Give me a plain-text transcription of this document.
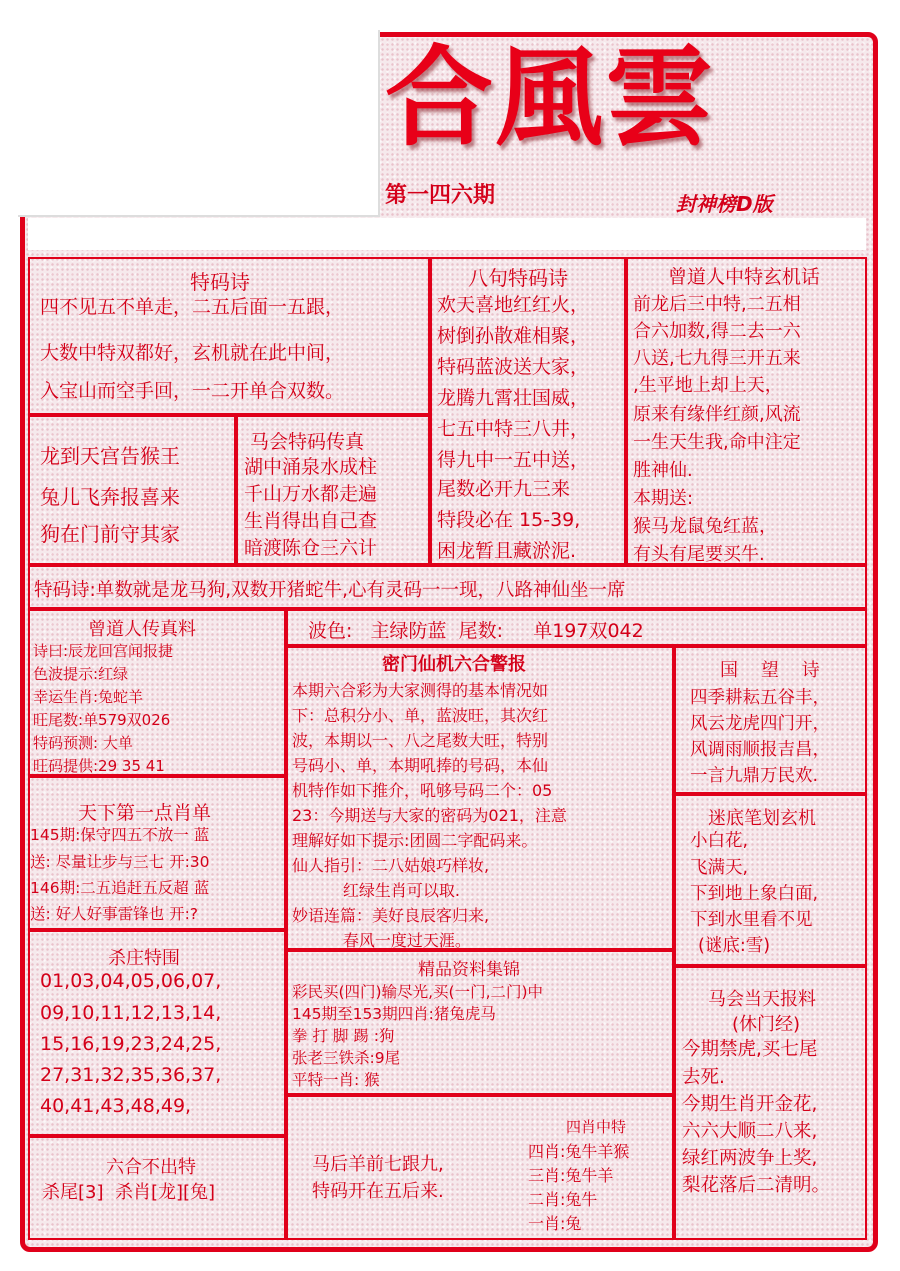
合風雲
第一四六期	封神榜D版
特码诗
四不见五不单走，二五后面一五跟，
大数中特双都好，玄机就在此中间，
入宝山而空手回，一二开单合双数。
八句特码诗
欢天喜地红红火，
树倒孙散难相聚，
特码蓝波送大家，
龙腾九霄壮国威，
七五中特三八井，
得九中一五中送，
尾数必开九三来
特段必在 15-39,
困龙暂且藏淤泥.
曾道人中特玄机话
前龙后三中特,二五相
合六加数,得二去一六
八送,七九得三开五来
,生平地上却上天，
原来有缘伴红颜,风流
一生天生我,命中注定
胜神仙.
本期送:
猴马龙鼠兔红蓝，
有头有尾要买牛.
龙到天宫告猴王
兔儿飞奔报喜来
狗在门前守其家
马会特码传真
湖中涌泉水成柱
千山万水都走遍
生肖得出自己查
暗渡陈仓三六计
特码诗:单数就是龙马狗,双数开猪蛇牛,心有灵码一一现，八路神仙坐一席
曾道人传真料
诗曰:辰龙回宫闻报捷
色波提示:红绿
幸运生肖:兔蛇羊
旺尾数:单579双026
特码预测: 大单
旺码提供:29 35 41
波色:   主绿防蓝  尾数:     单197双042
密门仙机六合警报
本期六合彩为大家测得的基本情况如
下：总积分小、单，蓝波旺，其次红
波，本期以一、八之尾数大旺，特别
号码小、单，本期吼捧的号码，本仙
机特作如下推介，吼够号码二个：05
23：今期送与大家的密码为021，注意
理解好如下提示:团圆二字配码来。
仙人指引：二八姑娘巧样妆,
红绿生肖可以取.
妙语连篇：美好良辰客归来,
春风一度过天涯。
国    望    诗
四季耕耘五谷丰，
风云龙虎四门开，
风调雨顺报吉昌，
一言九鼎万民欢.
天下第一点肖单
145期:保守四五不放一 蓝
送: 尽量让步与三七 开:30
146期:二五追赶五反超 蓝
送: 好人好事雷锋也 开:?
迷底笔划玄机
小白花,
飞满天,
下到地上象白面,
下到水里看不见
(谜底:雪)
杀庄特围
01,03,04,05,06,07,
09,10,11,12,13,14,
15,16,19,23,24,25,
27,31,32,35,36,37,
40,41,43,48,49,
精品资料集锦
彩民买(四门)输尽光,买(一门,二门)中
145期至153期四肖:猪兔虎马
拳 打 脚 踢 :狗
张老三铁杀:9尾
平特一肖: 猴
马会当天报料
(休门经)
今期禁虎,买七尾
去死.
今期生肖开金花,
六六大顺二八来,
绿红两波争上奖,
梨花落后二清明。
六合不出特
杀尾[3]  杀肖[龙][兔]
马后羊前七跟九,
特码开在五后来.
四肖中特
四肖:兔牛羊猴
三肖:兔牛羊
二肖:兔牛
一肖:兔
